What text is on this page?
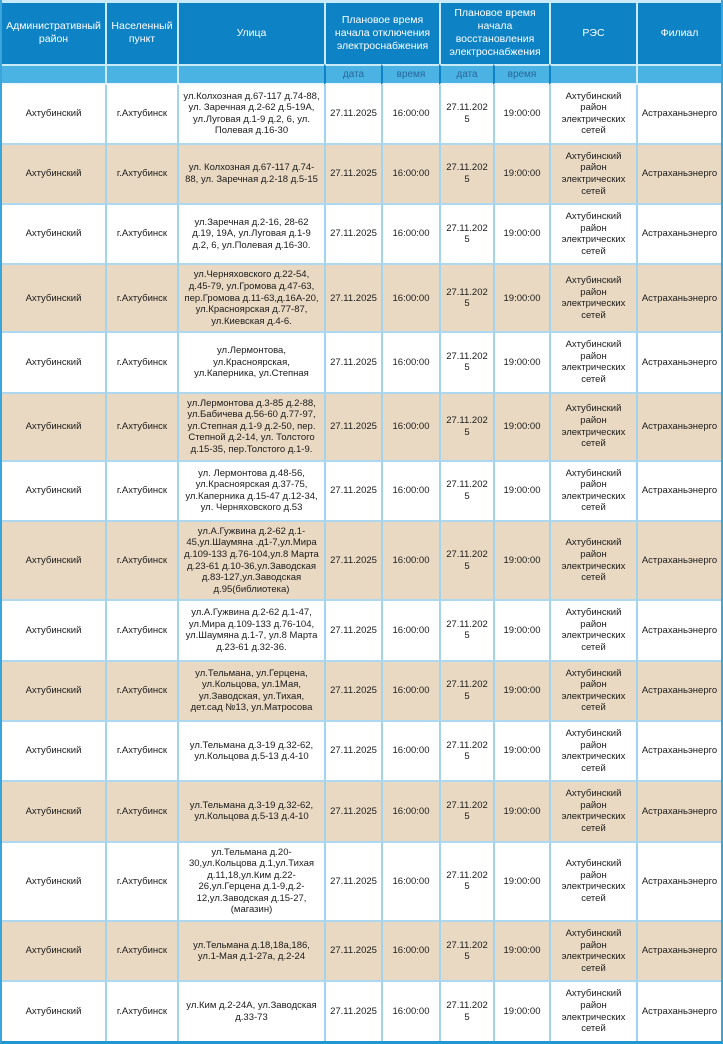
Административный район	Населенный пункт	Улица	Плановое время начала отключения электроснабжения		Плановое время начала восстановления электроснабжения		РЭС	Филиал
			дата	время	дата	время		
Ахтубинский	г.Ахтубинск	ул.Колхозная д.67-117 д.74-88, ул. Заречная д.2-62 д.5-19А, ул.Луговая д.1-9 д.2, 6, ул. Полевая д.16-30	27.11.2025	16:00:00	27.11.2025	19:00:00	Ахтубинский район электрических сетей	Астраханьэнерго
Ахтубинский	г.Ахтубинск	ул. Колхозная д.67-117 д.74-88, ул. Заречная д.2-18 д.5-15	27.11.2025	16:00:00	27.11.2025	19:00:00	Ахтубинский район электрических сетей	Астраханьэнерго
Ахтубинский	г.Ахтубинск	ул.Заречная д.2-16, 28-62 д.19, 19А, ул.Луговая д.1-9 д.2, 6, ул.Полевая д.16-30.	27.11.2025	16:00:00	27.11.2025	19:00:00	Ахтубинский район электрических сетей	Астраханьэнерго
Ахтубинский	г.Ахтубинск	ул.Черняховского д.22-54, д.45-79, ул.Громова д.47-63, пер.Громова д.11-63,д.16А-20, ул.Красноярская д.77-87, ул.Киевская д.4-6.	27.11.2025	16:00:00	27.11.2025	19:00:00	Ахтубинский район электрических сетей	Астраханьэнерго
Ахтубинский	г.Ахтубинск	ул.Лермонтова, ул.Красноярская, ул.Каперника, ул.Степная	27.11.2025	16:00:00	27.11.2025	19:00:00	Ахтубинский район электрических сетей	Астраханьэнерго
Ахтубинский	г.Ахтубинск	ул.Лермонтова д.3-85 д.2-88, ул.Бабичева д.56-60 д.77-97, ул.Степная д.1-9 д.2-50, пер. Степной д.2-14, ул. Толстого д.15-35, пер.Толстого д.1-9.	27.11.2025	16:00:00	27.11.2025	19:00:00	Ахтубинский район электрических сетей	Астраханьэнерго
Ахтубинский	г.Ахтубинск	ул. Лермонтова д.48-56, ул.Красноярская д.37-75, ул.Каперника д.15-47 д.12-34, ул. Черняховского д.53	27.11.2025	16:00:00	27.11.2025	19:00:00	Ахтубинский район электрических сетей	Астраханьэнерго
Ахтубинский	г.Ахтубинск	ул.А.Гужвина д.2-62 д.1-45,ул.Шаумяна .д1-7,ул.Мира д.109-133 д.76-104,ул.8 Марта д.23-61 д.10-36,ул.Заводская д.83-127,ул.Заводская д.95(библиотека)	27.11.2025	16:00:00	27.11.2025	19:00:00	Ахтубинский район электрических сетей	Астраханьэнерго
Ахтубинский	г.Ахтубинск	ул.А.Гужвина д.2-62 д.1-47, ул.Мира д.109-133 д.76-104, ул.Шаумяна д.1-7, ул.8 Марта д.23-61 д.32-36.	27.11.2025	16:00:00	27.11.2025	19:00:00	Ахтубинский район электрических сетей	Астраханьэнерго
Ахтубинский	г.Ахтубинск	ул.Тельмана, ул.Герцена, ул.Кольцова, ул.1Мая, ул.Заводская, ул.Тихая, дет.сад №13, ул.Матросова	27.11.2025	16:00:00	27.11.2025	19:00:00	Ахтубинский район электрических сетей	Астраханьэнерго
Ахтубинский	г.Ахтубинск	ул.Тельмана д.3-19 д.32-62, ул.Кольцова д.5-13 д.4-10	27.11.2025	16:00:00	27.11.2025	19:00:00	Ахтубинский район электрических сетей	Астраханьэнерго
Ахтубинский	г.Ахтубинск	ул.Тельмана д.3-19 д.32-62, ул.Кольцова д.5-13 д.4-10	27.11.2025	16:00:00	27.11.2025	19:00:00	Ахтубинский район электрических сетей	Астраханьэнерго
Ахтубинский	г.Ахтубинск	ул.Тельмана д.20-30,ул.Кольцова д.1,ул.Тихая д.11,18,ул.Ким д.22-26,ул.Герцена д.1-9,д.2-12,ул.Заводская д.15-27, (магазин)	27.11.2025	16:00:00	27.11.2025	19:00:00	Ахтубинский район электрических сетей	Астраханьэнерго
Ахтубинский	г.Ахтубинск	ул.Тельмана д.18,18а,186, ул.1-Мая д.1-27а, д.2-24	27.11.2025	16:00:00	27.11.2025	19:00:00	Ахтубинский район электрических сетей	Астраханьэнерго
Ахтубинский	г.Ахтубинск	ул.Ким д.2-24А, ул.Заводская д.33-73	27.11.2025	16:00:00	27.11.2025	19:00:00	Ахтубинский район электрических сетей	Астраханьэнерго
